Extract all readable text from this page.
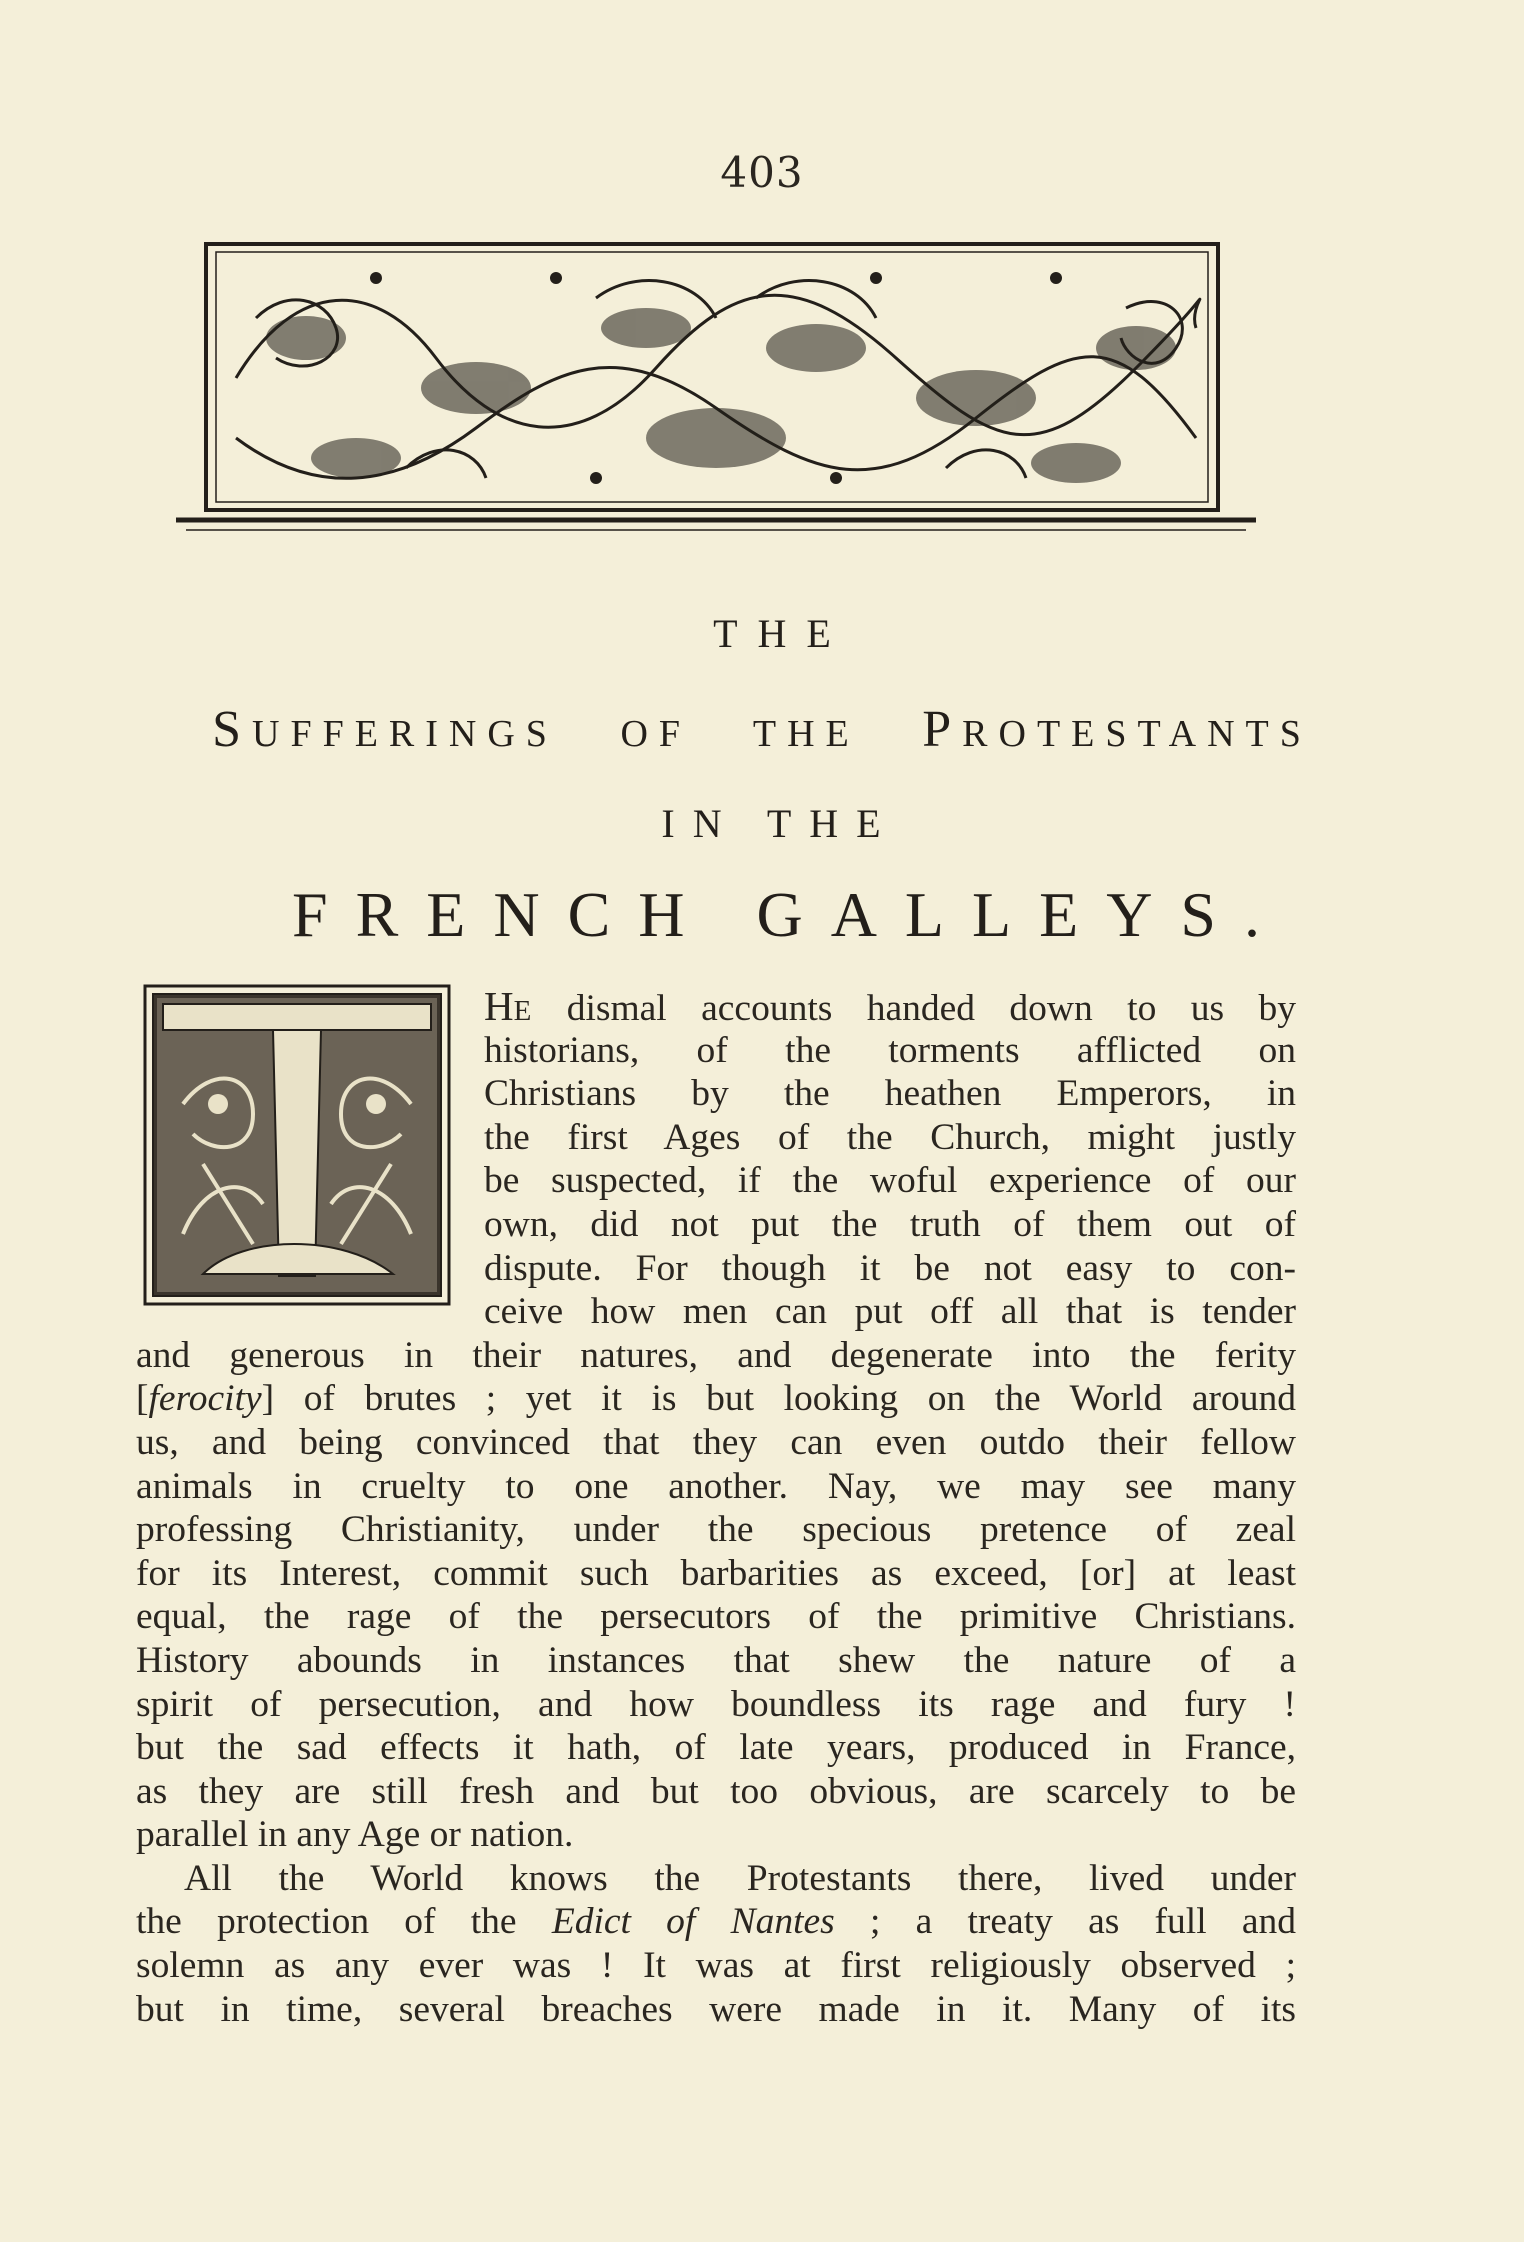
403
THE
SUFFERINGS OF THE PROTESTANTS
IN THE
FRENCH GALLEYS.
HE dismal accounts handed down to us by
historians, of the torments afflicted on
Christians by the heathen Emperors, in
the first Ages of the Church, might justly
be suspected, if the woful experience of our
own, did not put the truth of them out of
dispute. For though it be not easy to con-
ceive how men can put off all that is tender
and generous in their natures, and degenerate into the ferity
[ferocity] of brutes ; yet it is but looking on the World around
us, and being convinced that they can even outdo their fellow
animals in cruelty to one another. Nay, we may see many
professing Christianity, under the specious pretence of zeal
for its Interest, commit such barbarities as exceed, [or] at least
equal, the rage of the persecutors of the primitive Christians.
History abounds in instances that shew the nature of a
spirit of persecution, and how boundless its rage and fury !
but the sad effects it hath, of late years, produced in France,
as they are still fresh and but too obvious, are scarcely to be
parallel in any Age or nation.
All the World knows the Protestants there, lived under
the protection of the Edict of Nantes ; a treaty as full and
solemn as any ever was ! It was at first religiously observed ;
but in time, several breaches were made in it. Many of its
